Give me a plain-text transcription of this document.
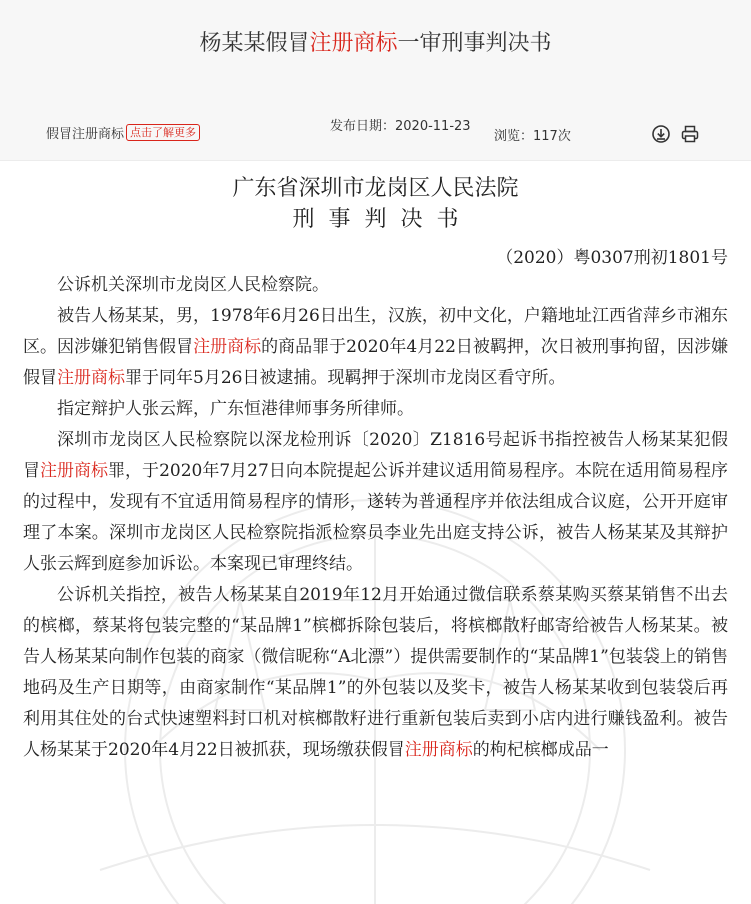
杨某某假冒注册商标一审刑事判决书
假冒注册商标 点击了解更多	发布日期：2020-11-23
浏览：117次
广东省深圳市龙岗区人民法院
刑事判决书
（2020）粤0307刑初1801号

公诉机关深圳市龙岗区人民检察院。

被告人杨某某，男，1978年6月26日出生，汉族，初中文化，户籍地址江西省萍乡市湘东区。因涉嫌犯销售假冒注册商标的商品罪于2020年4月22日被羁押，次日被刑事拘留，因涉嫌假冒注册商标罪于同年5月26日被逮捕。现羁押于深圳市龙岗区看守所。

指定辩护人张云辉，广东恒港律师事务所律师。

深圳市龙岗区人民检察院以深龙检刑诉〔2020〕Z1816号起诉书指控被告人杨某某犯假冒注册商标罪，于2020年7月27日向本院提起公诉并建议适用简易程序。本院在适用简易程序的过程中，发现有不宜适用简易程序的情形，遂转为普通程序并依法组成合议庭，公开开庭审理了本案。深圳市龙岗区人民检察院指派检察员李业先出庭支持公诉，被告人杨某某及其辩护人张云辉到庭参加诉讼。本案现已审理终结。

公诉机关指控，被告人杨某某自2019年12月开始通过微信联系蔡某购买蔡某销售不出去的槟榔，蔡某将包装完整的“某品牌1”槟榔拆除包装后，将槟榔散籽邮寄给被告人杨某某。被告人杨某某向制作包装的商家（微信昵称“A北漂”）提供需要制作的“某品牌1”包装袋上的销售地码及生产日期等，由商家制作“某品牌1”的外包装以及奖卡，被告人杨某某收到包装袋后再利用其住处的台式快速塑料封口机对槟榔散籽进行重新包装后卖到小店内进行赚钱盈利。被告人杨某某于2020年4月22日被抓获，现场缴获假冒注册商标的枸杞槟榔成品一
